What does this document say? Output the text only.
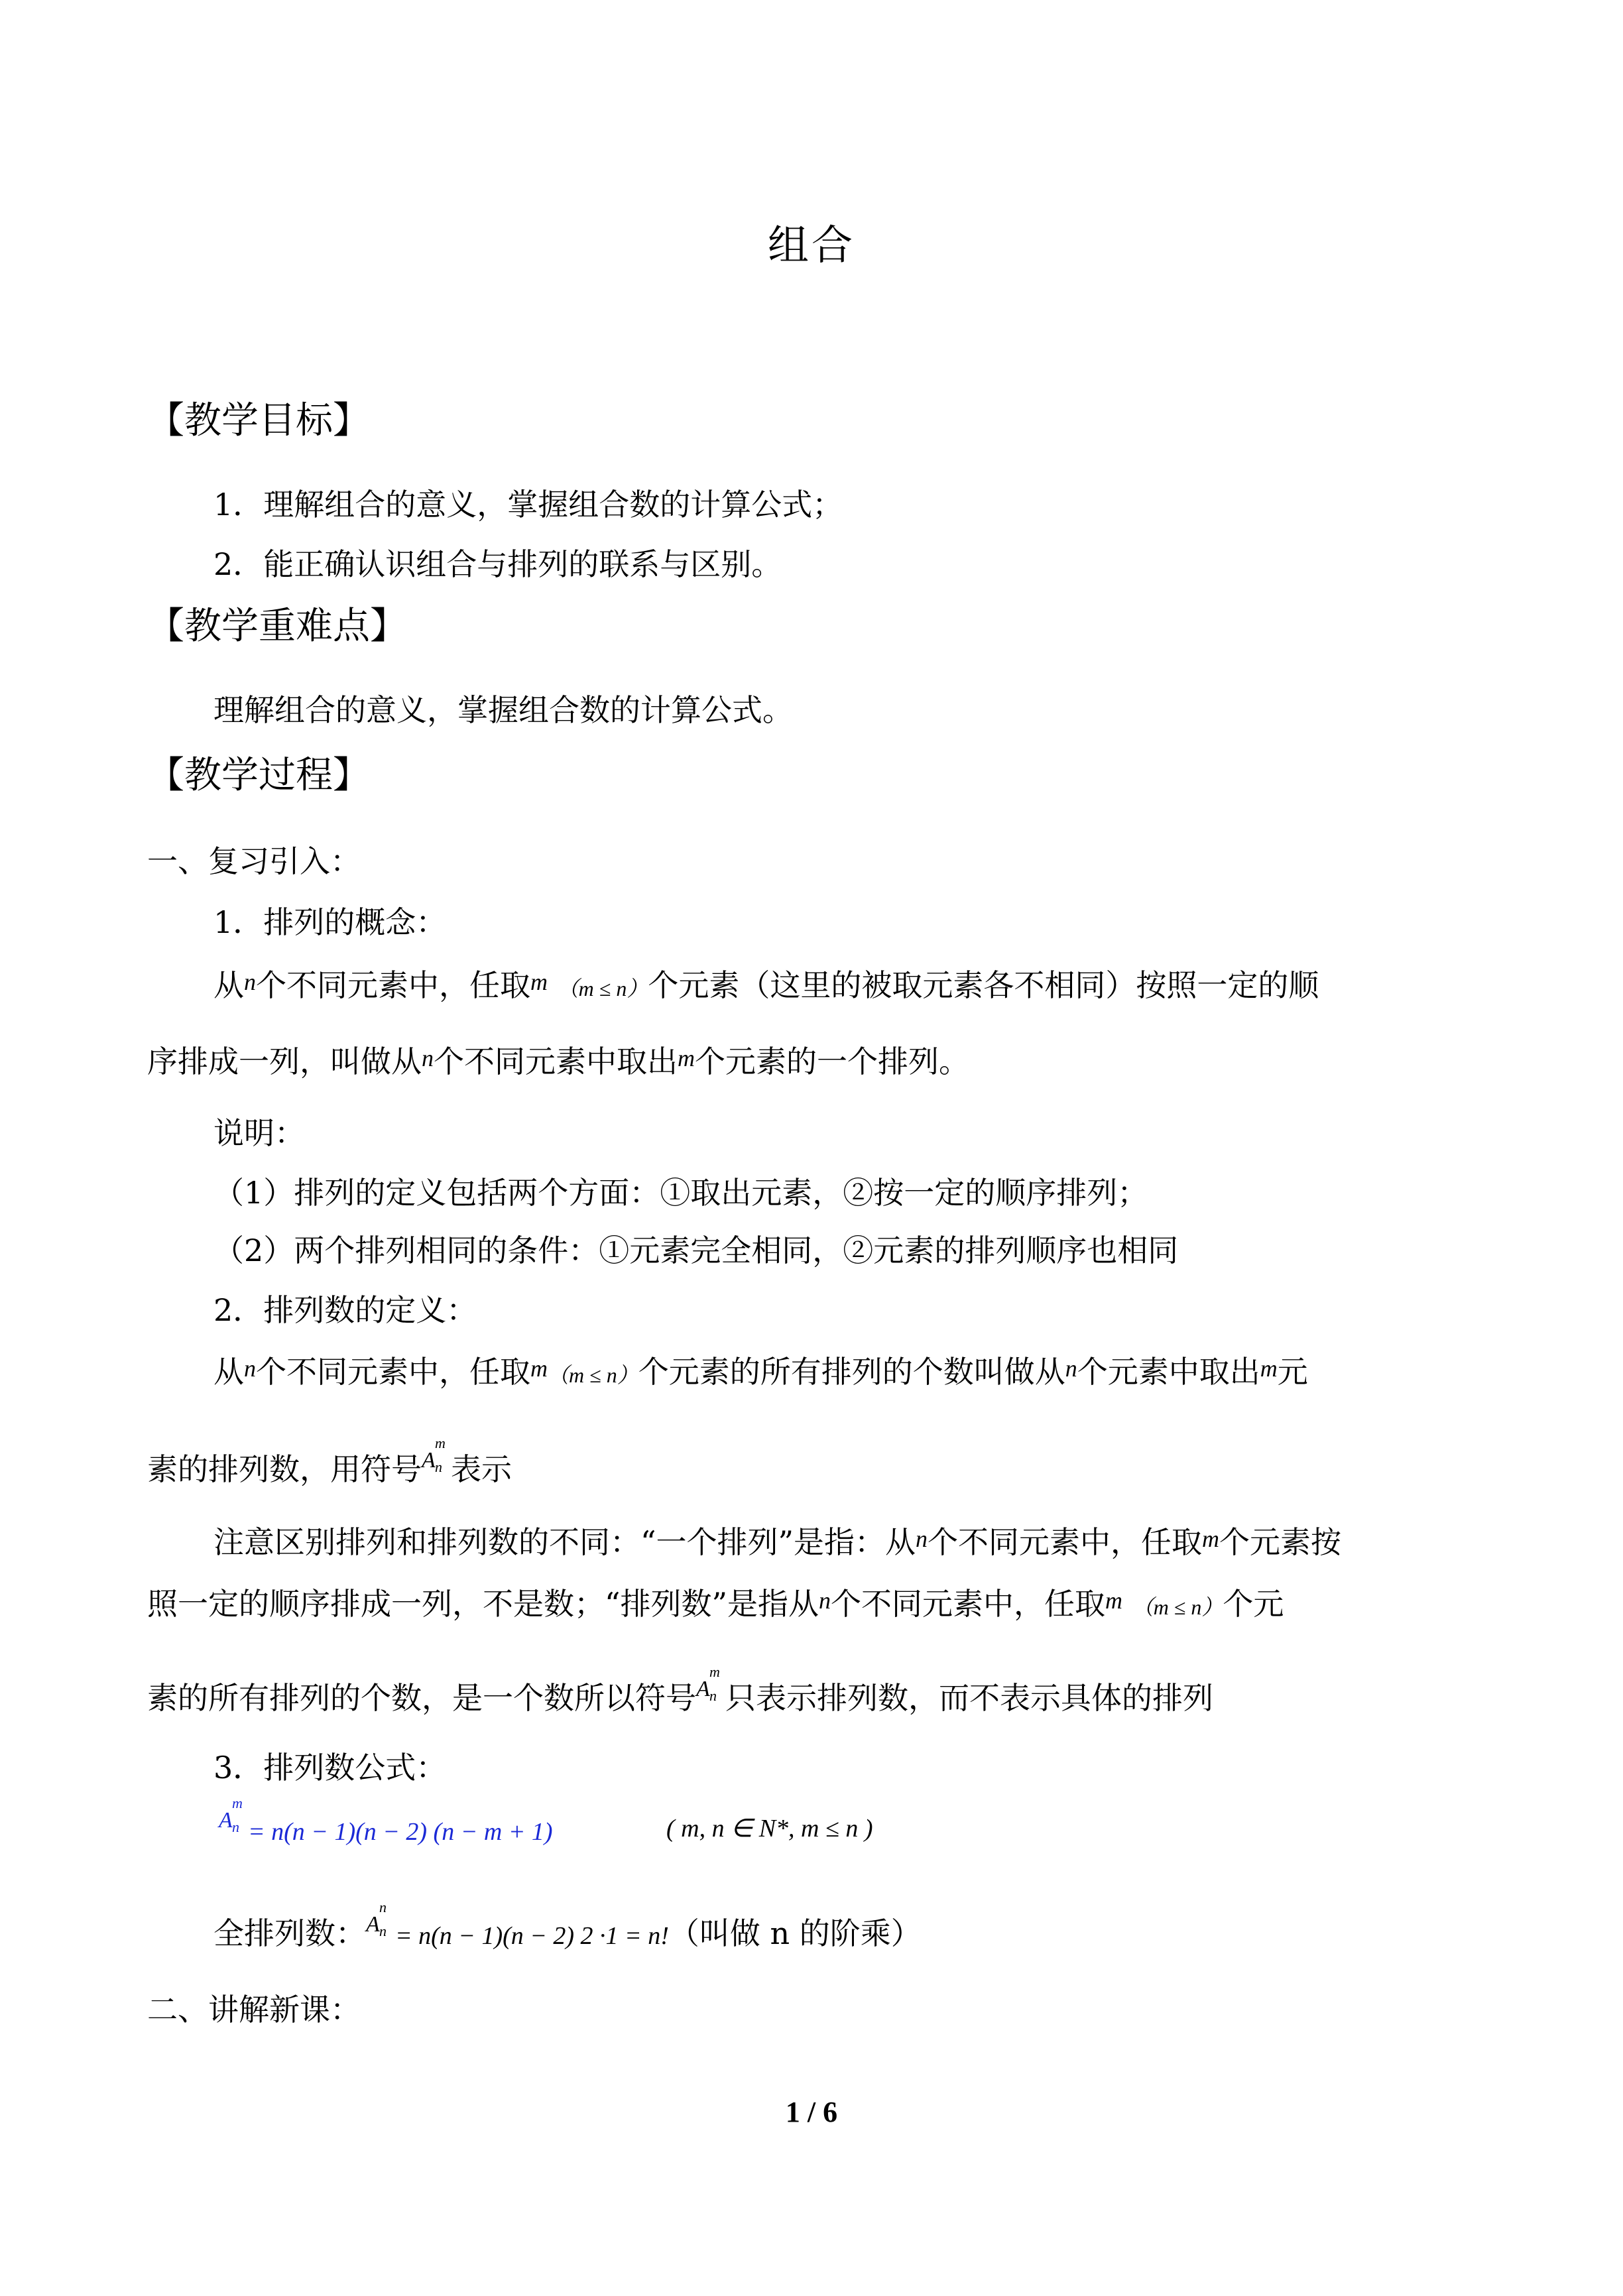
组合
【教学目标】
1．理解组合的意义，掌握组合数的计算公式；
2．能正确认识组合与排列的联系与区别。
【教学重难点】
理解组合的意义，掌握组合数的计算公式。
【教学过程】
一、复习引入：
1．排列的概念：
从n个不同元素中，任取m （m ≤ n）个元素（这里的被取元素各不相同）按照一定的顺
序排成一列，叫做从n个不同元素中取出m个元素的一个排列。
说明：
（1）排列的定义包括两个方面：①取出元素，②按一定的顺序排列；
（2）两个排列相同的条件：①元素完全相同，②元素的排列顺序也相同
2．排列数的定义：
从n个不同元素中，任取m（m ≤ n）个元素的所有排列的个数叫做从n个元素中取出m元
素的排列数，用符号 A
m
n 表示
注意区别排列和排列数的不同：“一个排列”是指：从n个不同元素中，任取m个元素按
照一定的顺序排成一列，不是数；“排列数”是指从n个不同元素中，任取m （m ≤ n）个元
素的所有排列的个数，是一个数所以符号 A
m
n 只表示排列数，而不表示具体的排列
3．排列数公式：
A
m
n = n(n − 1)(n − 2) (n − m + 1)	( m, n ∈ N*, m ≤ n )
全排列数： A
n
n = n(n − 1)(n − 2) 2 ·1 = n!（叫做 n 的阶乘）
二、讲解新课：
1 / 6
